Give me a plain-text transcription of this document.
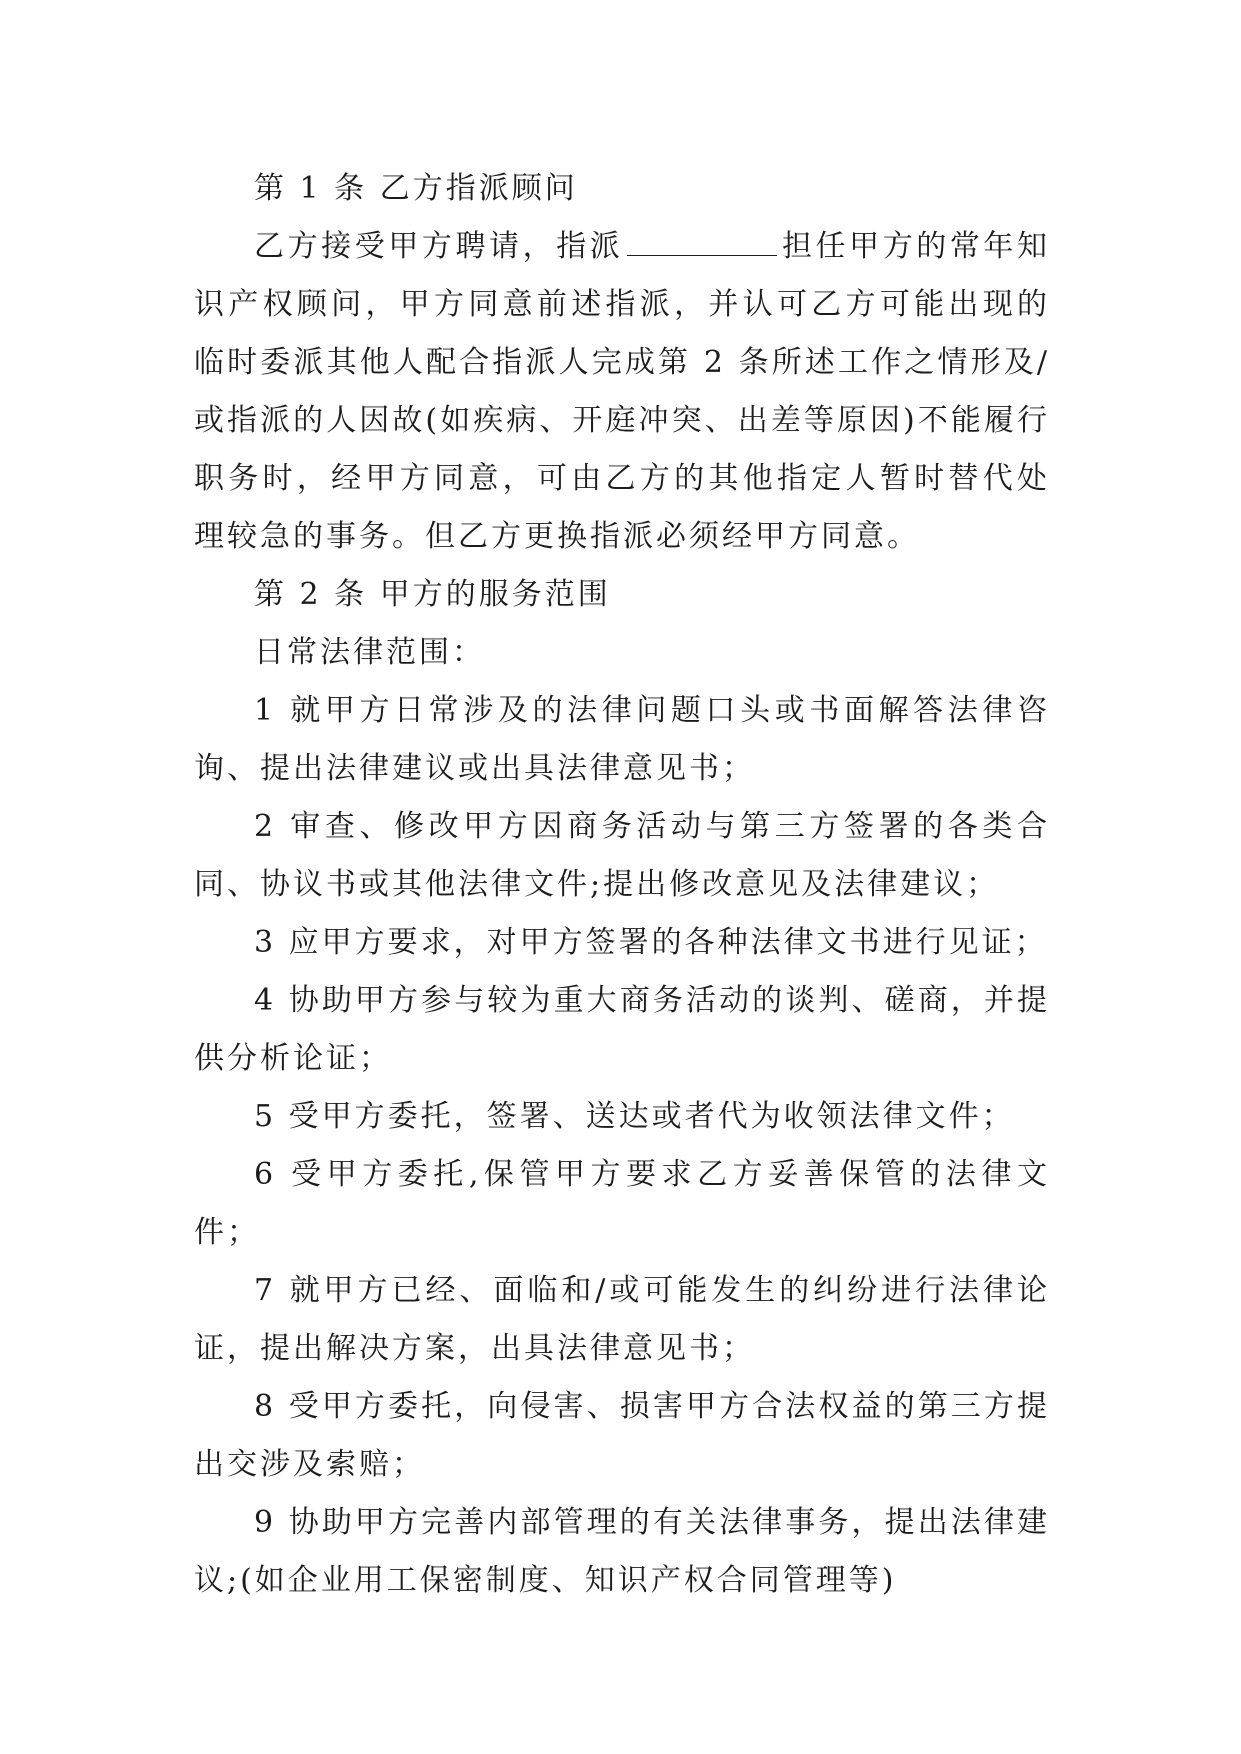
第 1 条 乙方指派顾问

乙方接受甲方聘请，指派	担任甲方的常年知识产权顾问，甲方同意前述指派，并认可乙方可能出现的临时委派其他人配合指派人完成第 2 条所述工作之情形及/或指派的人因故(如疾病、开庭冲突、出差等原因)不能履行职务时，经甲方同意，可由乙方的其他指定人暂时替代处理较急的事务。但乙方更换指派必须经甲方同意。

第 2 条 甲方的服务范围

日常法律范围：

1 就甲方日常涉及的法律问题口头或书面解答法律咨询、提出法律建议或出具法律意见书；

2 审查、修改甲方因商务活动与第三方签署的各类合同、协议书或其他法律文件;提出修改意见及法律建议；

3 应甲方要求，对甲方签署的各种法律文书进行见证；

4 协助甲方参与较为重大商务活动的谈判、磋商，并提供分析论证；

5 受甲方委托，签署、送达或者代为收领法律文件；

6 受甲方委托,保管甲方要求乙方妥善保管的法律文件；

7 就甲方已经、面临和/或可能发生的纠纷进行法律论证，提出解决方案，出具法律意见书；

8 受甲方委托，向侵害、损害甲方合法权益的第三方提出交涉及索赔；

9 协助甲方完善内部管理的有关法律事务，提出法律建议;(如企业用工保密制度、知识产权合同管理等)
